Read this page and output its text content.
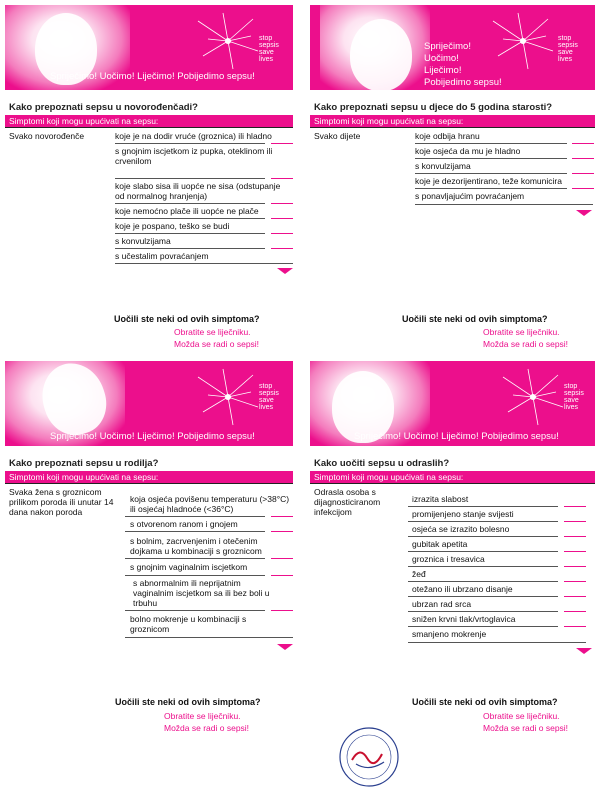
stop
sepsis
save
lives
Spriječimo! Uočimo! Liječimo! Pobijedimo sepsu!
Kako prepoznati sepsu u novorođenčadi?
Simptomi koji mogu upućivati na sepsu:
Svako novorođenče	koje je na dodir vruće (groznica) ili hladno
s gnojnim iscjetkom iz pupka, oteklinom ili crvenilom
koje slabo sisa ili uopće ne sisa (odstupanje od normalnog hranjenja)
koje nemoćno plače ili uopće ne plače
koje je pospano, teško se budi
s konvulzijama
s učestalim povraćanjem
Uočili ste neki od ovih simptoma?
Obratite se liječniku.
Možda se radi o sepsi!
stop
sepsis
save
lives
Spriječimo!
Uočimo!
Liječimo!
Pobijedimo sepsu!
Kako prepoznati sepsu u djece do 5 godina starosti?
Simptomi koji mogu upućivati na sepsu:
Svako dijete	koje odbija hranu
koje osjeća da mu je hladno
s konvulzijama
koje je dezorijentirano, teže komunicira
s ponavljajućim povraćanjem
Uočili ste neki od ovih simptoma?
Obratite se liječniku.
Možda se radi o sepsi!
stop
sepsis
save
lives
Spriječimo! Uočimo! Liječimo! Pobijedimo sepsu!
Kako prepoznati sepsu u rodilja?
Simptomi koji mogu upućivati na sepsu:
Svaka žena s groznicom prilikom poroda ili unutar 14 dana nakon poroda
koja osjeća povišenu temperaturu (>38°C) ili osjećaj hladnoće (<36°C)
s otvorenom ranom i gnojem
s bolnim, zacrvenjenim i otečenim dojkama u kombinaciji s groznicom
s gnojnim vaginalnim iscjetkom
s abnormalnim ili neprijatnim vaginalnim iscjetkom sa ili bez boli u trbuhu
bolno mokrenje u kombinaciji s groznicom
Uočili ste neki od ovih simptoma?
Obratite se liječniku.
Možda se radi o sepsi!
stop
sepsis
save
lives
Spriječimo! Uočimo! Liječimo! Pobijedimo sepsu!
Kako uočiti sepsu u odraslih?
Simptomi koji mogu upućivati na sepsu:
Odrasla osoba s dijagnosticiranom infekcijom
izrazita slabost
promijenjeno stanje svijesti
osjeća se izrazito bolesno
gubitak apetita
groznica i tresavica
žeđ
otežano ili ubrzano disanje
ubrzan rad srca
snižen krvni tlak/vrtoglavica
smanjeno mokrenje
Uočili ste neki od ovih simptoma?
Obratite se liječniku.
Možda se radi o sepsi!
